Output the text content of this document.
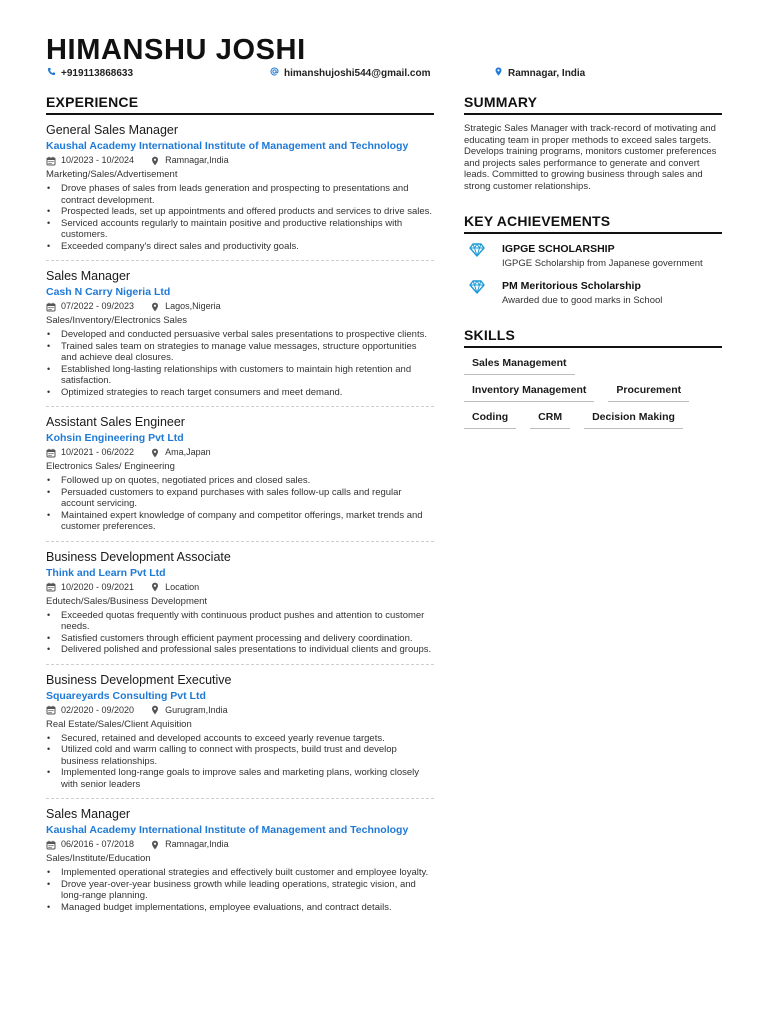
HIMANSHU JOSHI
+919113868633	himanshujoshi544@gmail.com	Ramnagar, India
EXPERIENCE
General Sales Manager
Kaushal Academy International Institute of Management and Technology
10/2023 - 10/2024	Ramnagar,India
Marketing/Sales/Advertisement
• Drove phases of sales from leads generation and prospecting to presentations and contract development.
• Prospected leads, set up appointments and offered products and services to drive sales.
• Serviced accounts regularly to maintain positive and productive relationships with customers.
• Exceeded company's direct sales and productivity goals.
Sales Manager
Cash N Carry Nigeria Ltd
07/2022 - 09/2023	Lagos,Nigeria
Sales/Inventory/Electronics Sales
• Developed and conducted persuasive verbal sales presentations to prospective clients.
• Trained sales team on strategies to manage value messages, structure opportunities and achieve deal closures.
• Established long-lasting relationships with customers to maintain high retention and satisfaction.
• Optimized strategies to reach target consumers and meet demand.
Assistant Sales Engineer
Kohsin Engineering Pvt Ltd
10/2021 - 06/2022	Ama,Japan
Electronics Sales/ Engineering
• Followed up on quotes, negotiated prices and closed sales.
• Persuaded customers to expand purchases with sales follow-up calls and regular account servicing.
• Maintained expert knowledge of company and competitor offerings, market trends and customer preferences.
Business Development Associate
Think and Learn Pvt Ltd
10/2020 - 09/2021	Location
Edutech/Sales/Business Development
• Exceeded quotas frequently with continuous product pushes and attention to customer needs.
• Satisfied customers through efficient payment processing and delivery coordination.
• Delivered polished and professional sales presentations to individual clients and groups.
Business Development Executive
Squareyards Consulting Pvt Ltd
02/2020 - 09/2020	Gurugram,India
Real Estate/Sales/Client Aquisition
• Secured, retained and developed accounts to exceed yearly revenue targets.
• Utilized cold and warm calling to connect with prospects, build trust and develop business relationships.
• Implemented long-range goals to improve sales and marketing plans, working closely with senior leaders
Sales Manager
Kaushal Academy International Institute of Management and Technology
06/2016 - 07/2018	Ramnagar,India
Sales/Institute/Education
• Implemented operational strategies and effectively built customer and employee loyalty.
• Drove year-over-year business growth while leading operations, strategic vision, and long-range planning.
• Managed budget implementations, employee evaluations, and contract details.
SUMMARY
Strategic Sales Manager with track-record of motivating and educating team in proper methods to exceed sales targets. Develops training programs, monitors customer preferences and projects sales performance to generate and convert leads. Committed to growing business through sales and strong customer relationships.
KEY ACHIEVEMENTS
IGPGE SCHOLARSHIP
IGPGE Scholarship from Japanese government
PM Meritorious Scholarship
Awarded due to good marks in School
SKILLS
Sales Management
Inventory Management	Procurement
Coding	CRM	Decision Making
